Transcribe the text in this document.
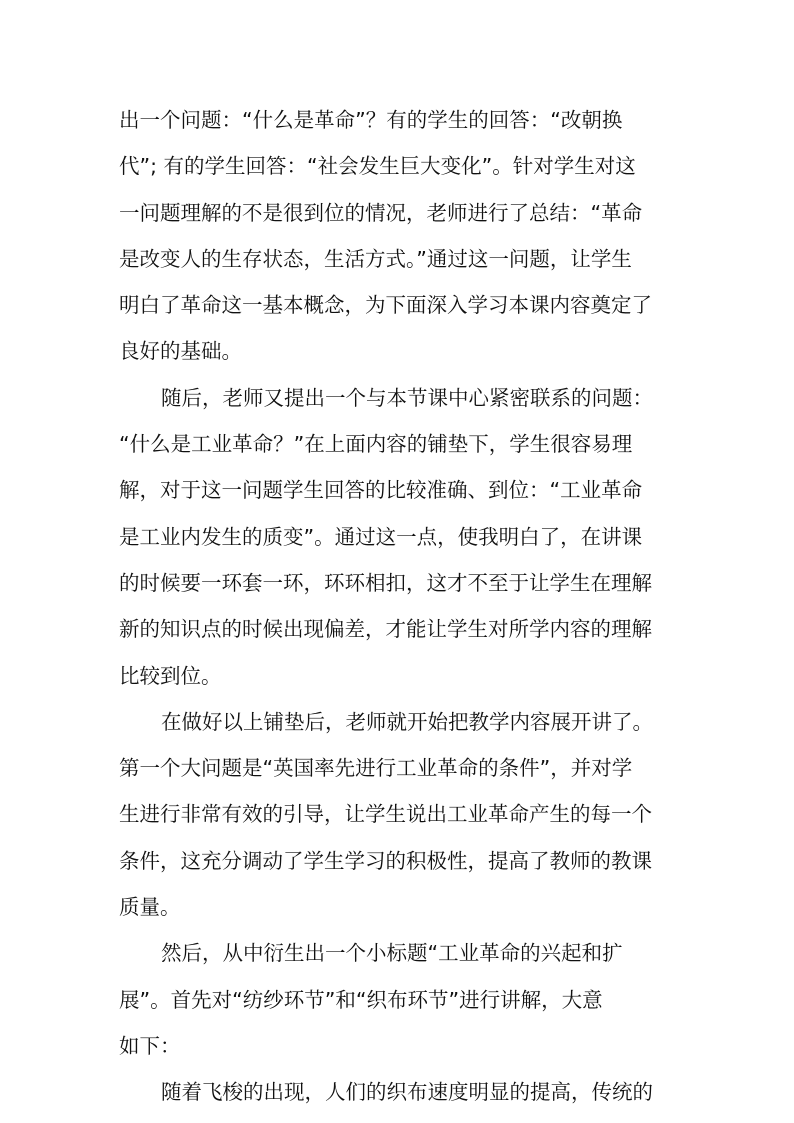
出一个问题：“什么是革命”？有的学生的回答：“改朝换
代”; 有的学生回答：“社会发生巨大变化”。针对学生对这
一问题理解的不是很到位的情况，老师进行了总结：“革命
是改变人的生存状态，生活方式。”通过这一问题，让学生
明白了革命这一基本概念，为下面深入学习本课内容奠定了
良好的基础。
随后，老师又提出一个与本节课中心紧密联系的问题：
“什么是工业革命？”在上面内容的铺垫下，学生很容易理
解，对于这一问题学生回答的比较准确、到位：“工业革命
是工业内发生的质变”。通过这一点，使我明白了，在讲课
的时候要一环套一环，环环相扣，这才不至于让学生在理解
新的知识点的时候出现偏差，才能让学生对所学内容的理解
比较到位。
在做好以上铺垫后，老师就开始把教学内容展开讲了。
第一个大问题是“英国率先进行工业革命的条件”，并对学
生进行非常有效的引导，让学生说出工业革命产生的每一个
条件，这充分调动了学生学习的积极性，提高了教师的教课
质量。
然后，从中衍生出一个小标题“工业革命的兴起和扩
展”。首先对“纺纱环节”和“织布环节”进行讲解，大意
如下：
随着飞梭的出现，人们的织布速度明显的提高，传统的
